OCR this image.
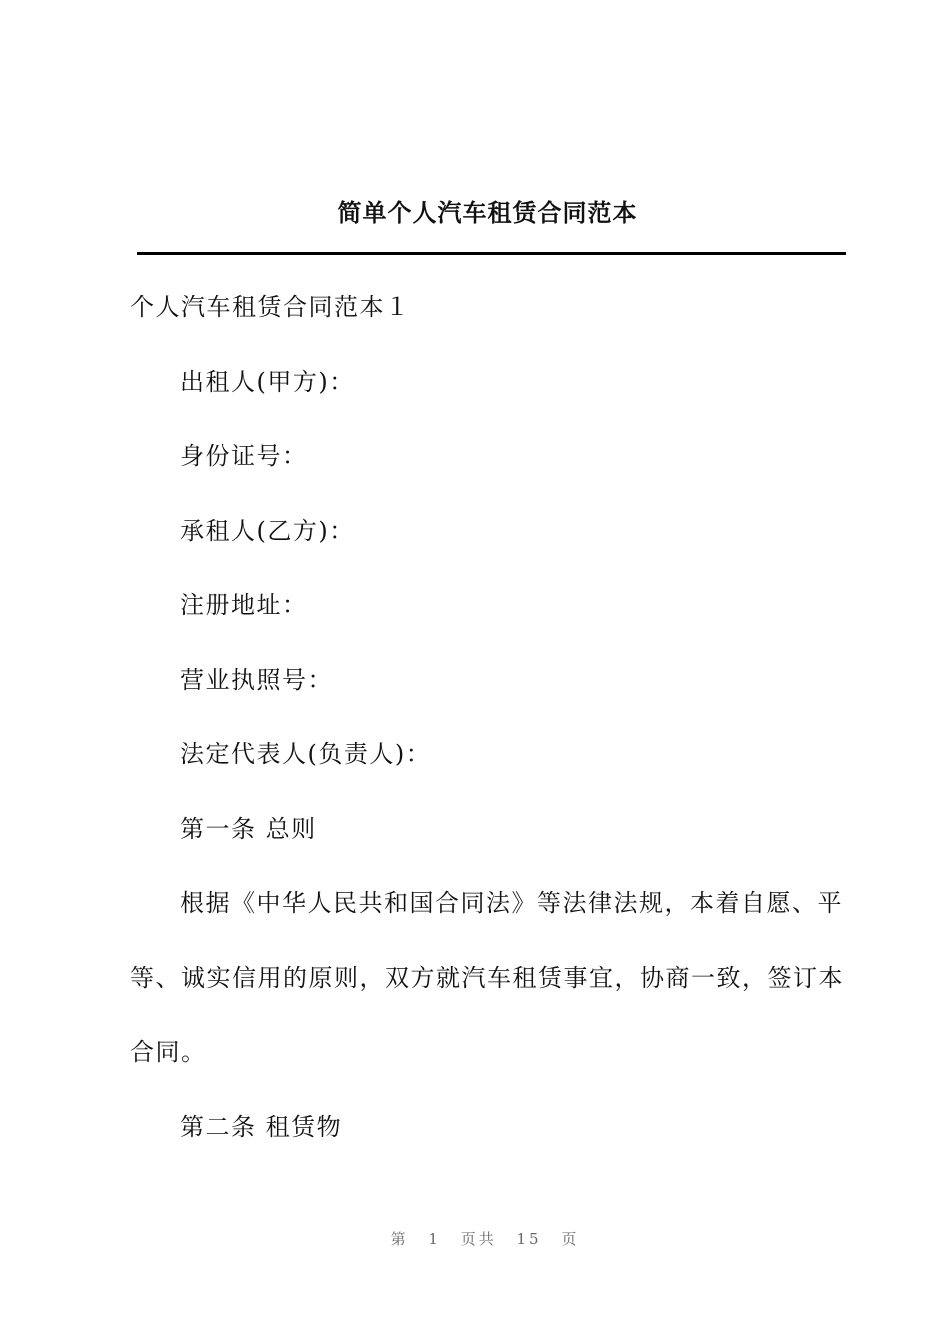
简单个人汽车租赁合同范本

个人汽车租赁合同范本１

出租人(甲方)：

身份证号：

承租人(乙方)：

注册地址：

营业执照号：

法定代表人(负责人)：

第一条 总则

根据《中华人民共和国合同法》等法律法规，本着自愿、平

等、诚实信用的原则，双方就汽车租赁事宜，协商一致，签订本

合同。

第二条 租赁物

第 1 页共 15 页
